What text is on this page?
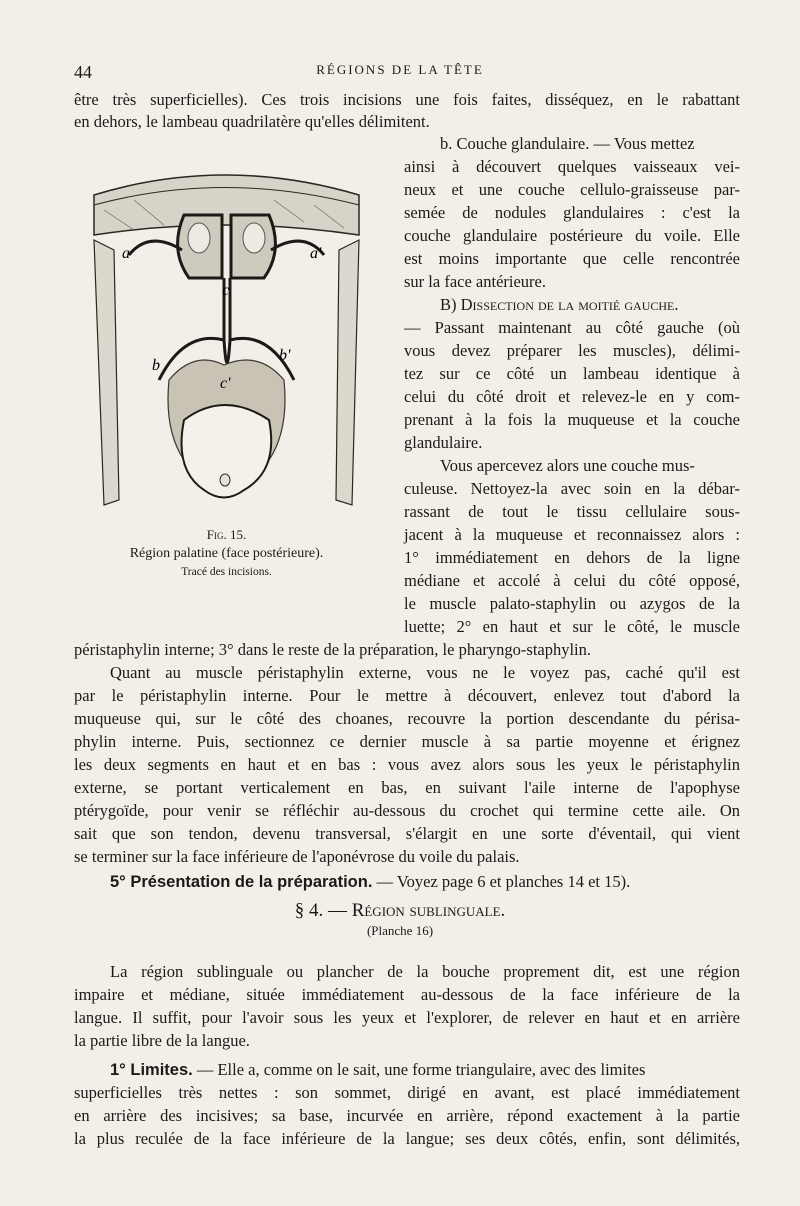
44	RÉGIONS DE LA TÊTE
être très superficielles). Ces trois incisions une fois faites, disséquez, en le rabattant
en dehors, le lambeau quadrilatère qu'elles délimitent.
a	a'
c
b
b'
c'
Fig. 15.
Région palatine (face postérieure).
Tracé des incisions.
b. Couche glandulaire. — Vous mettez
ainsi à découvert quelques vaisseaux vei-
neux et une couche cellulo-graisseuse par-
semée de nodules glandulaires : c'est la
couche glandulaire postérieure du voile. Elle
est moins importante que celle rencontrée
sur la face antérieure.
B) Dissection de la moitié gauche.
— Passant maintenant au côté gauche (où
vous devez préparer les muscles), délimi-
tez sur ce côté un lambeau identique à
celui du côté droit et relevez-le en y com-
prenant à la fois la muqueuse et la couche
glandulaire.
Vous apercevez alors une couche mus-
culeuse. Nettoyez-la avec soin en la débar-
rassant de tout le tissu cellulaire sous-
jacent à la muqueuse et reconnaissez alors :
1° immédiatement en dehors de la ligne
médiane et accolé à celui du côté opposé,
le muscle palato-staphylin ou azygos de la
luette; 2° en haut et sur le côté, le muscle
péristaphylin interne; 3° dans le reste de la préparation, le pharyngo-staphylin.
Quant au muscle péristaphylin externe, vous ne le voyez pas, caché qu'il est
par le péristaphylin interne. Pour le mettre à découvert, enlevez tout d'abord la
muqueuse qui, sur le côté des choanes, recouvre la portion descendante du périsa-
phylin interne. Puis, sectionnez ce dernier muscle à sa partie moyenne et érignez
les deux segments en haut et en bas : vous avez alors sous les yeux le péristaphylin
externe, se portant verticalement en bas, en suivant l'aile interne de l'apophyse
ptérygoïde, pour venir se réfléchir au-dessous du crochet qui termine cette aile. On
sait que son tendon, devenu transversal, s'élargit en une sorte d'éventail, qui vient
se terminer sur la face inférieure de l'aponévrose du voile du palais.
5° Présentation de la préparation. — Voyez page 6 et planches 14 et 15).
§ 4. — Région sublinguale.
(Planche 16)
La région sublinguale ou plancher de la bouche proprement dit, est une région
impaire et médiane, située immédiatement au-dessous de la face inférieure de la
langue. Il suffit, pour l'avoir sous les yeux et l'explorer, de relever en haut et en arrière
la partie libre de la langue.
1° Limites. — Elle a, comme on le sait, une forme triangulaire, avec des limites
superficielles très nettes : son sommet, dirigé en avant, est placé immédiatement
en arrière des incisives; sa base, incurvée en arrière, répond exactement à la partie
la plus reculée de la face inférieure de la langue; ses deux côtés, enfin, sont délimités,
